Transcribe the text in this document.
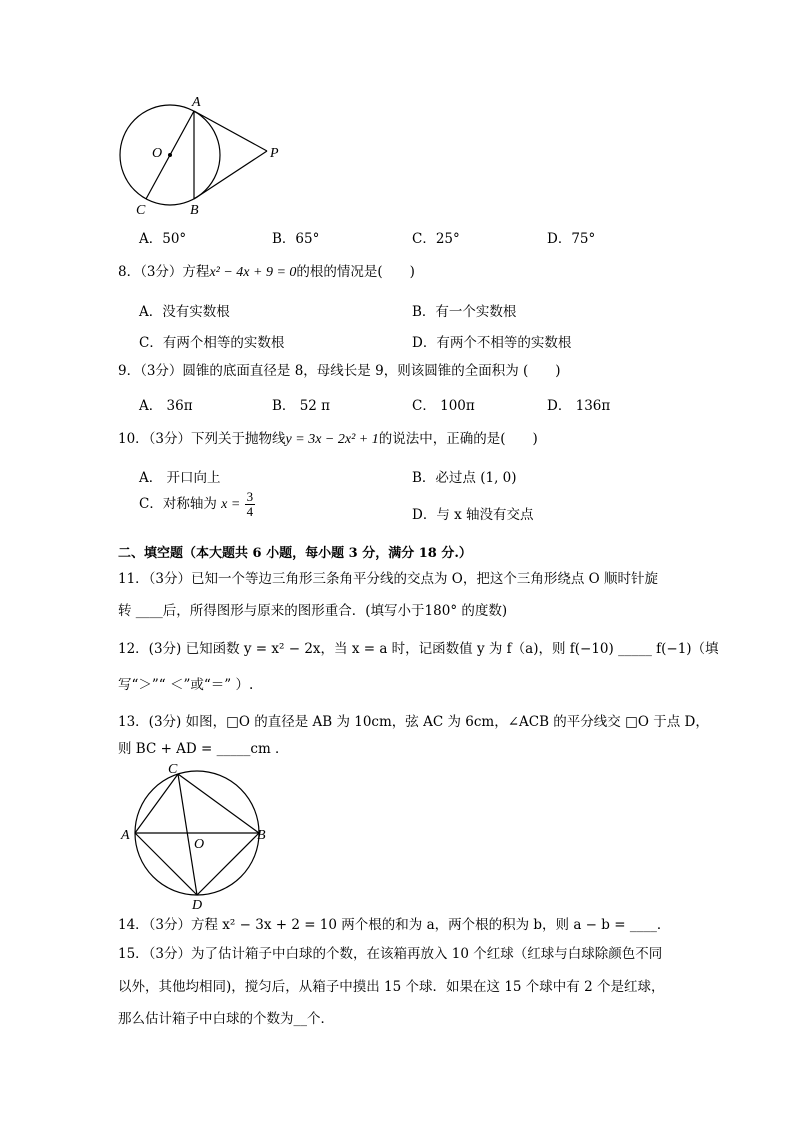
A
B
C
O	P
A．50°	B．65°	C．25°	D．75°
8．（3分）方程x² − 4x + 9 = 0的根的情况是(　　)
A．没有实数根	B．有一个实数根
C．有两个相等的实数根	D．有两个不相等的实数根
9．（3分）圆锥的底面直径是 8，母线长是 9，则该圆锥的全面积为 (　　)
A． 36π	B． 52 π	C． 100π	D． 136π
10．（3分）下列关于抛物线y = 3x − 2x² + 1的说法中，正确的是(　　)
A． 开口向上	B．必过点 (1, 0)
C．对称轴为 $x = \frac{3}{4}$	D．与 x 轴没有交点
二、填空题（本大题共 6 小题，每小题 3 分，满分 18 分.）
11．（3分）已知一个等边三角形三条角平分线的交点为 O，把这个三角形绕点 O 顺时针旋
转 ____后，所得图形与原来的图形重合．(填写小于180° 的度数)
12．(3分) 已知函数 y = x² − 2x，当 x = a 时，记函数值 y 为 f（a)，则 f(−10) _____ f(−1)（填
写“＞”“ ＜”或“＝” ）.
13．(3分) 如图，□O 的直径是 AB 为 10cm，弦 AC 为 6cm，∠ACB 的平分线交 □O 于点 D，
则 BC + AD = _____cm ．
C
A	B
O
D
14．（3分）方程 x² − 3x + 2 = 10 两个根的和为 a，两个根的积为 b，则 a − b = ____．
15．（3分）为了估计箱子中白球的个数，在该箱再放入 10 个红球（红球与白球除颜色不同
以外，其他均相同)，搅匀后，从箱子中摸出 15 个球．如果在这 15 个球中有 2 个是红球，
那么估计箱子中白球的个数为__个．
